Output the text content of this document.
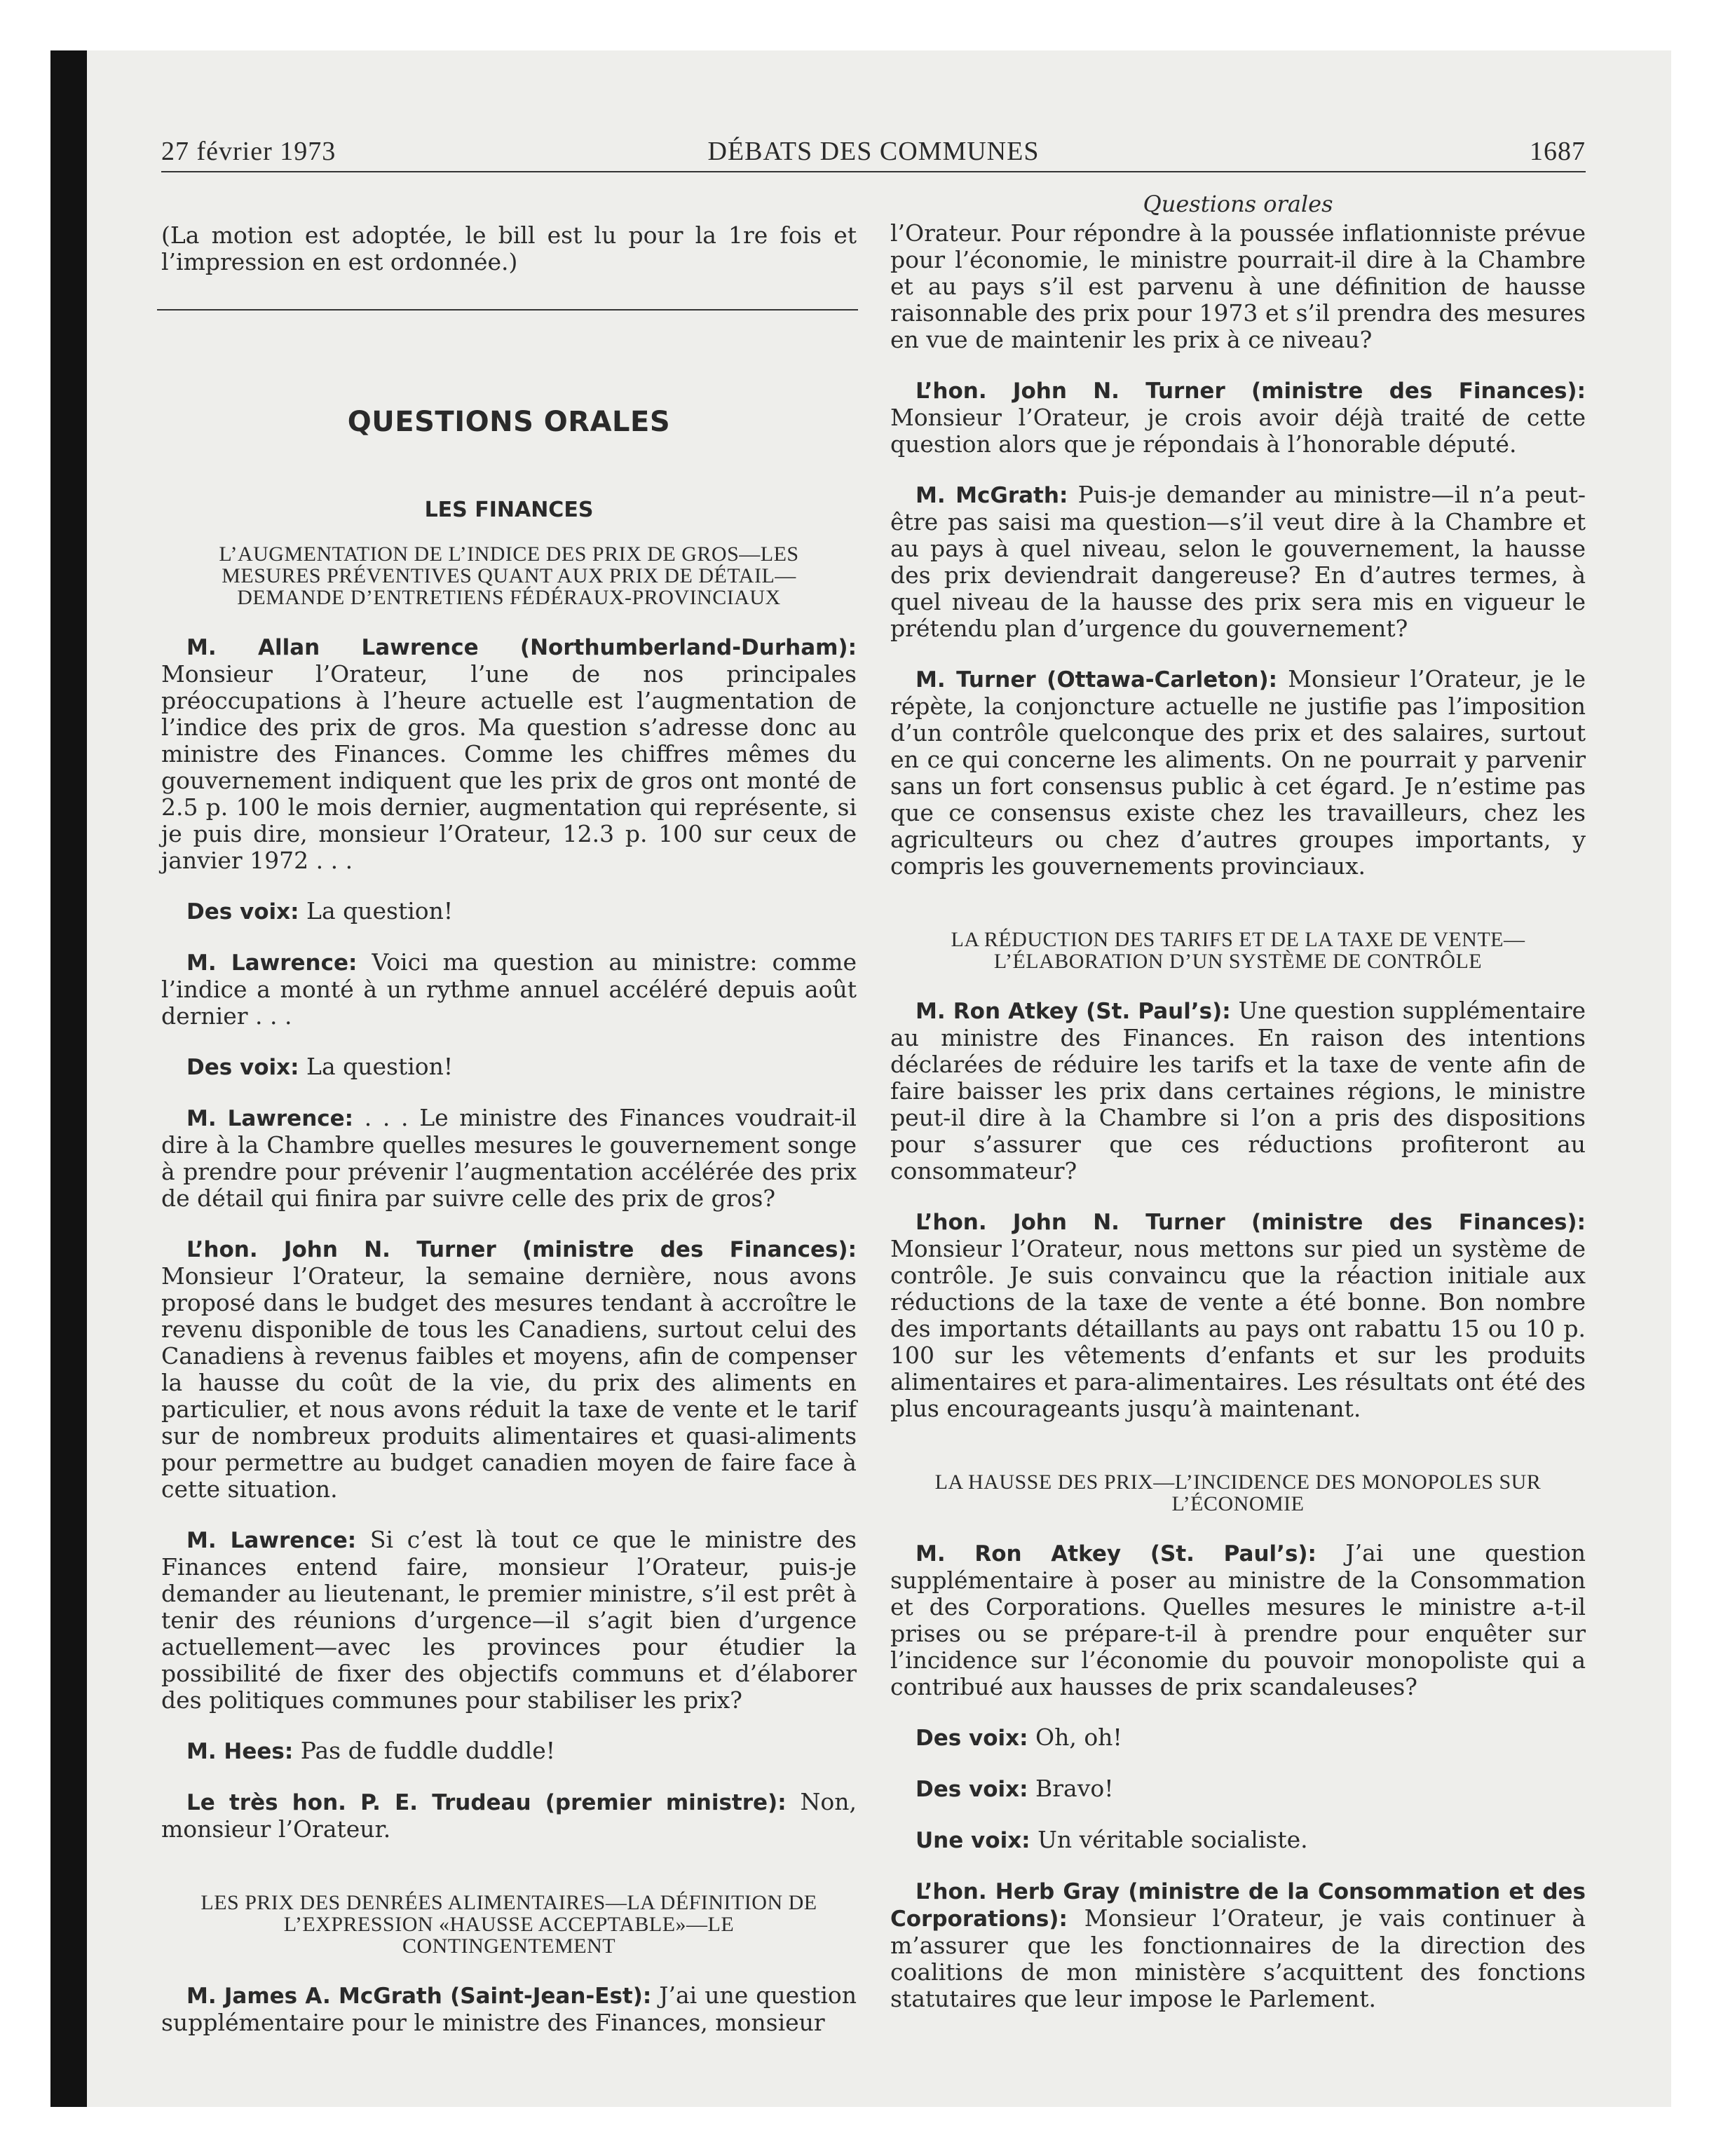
27 février 1973	DÉBATS DES COMMUNES	1687

(La motion est adoptée, le bill est lu pour la 1re fois et l’impression en est ordonnée.)

QUESTIONS ORALES
LES FINANCES
L’AUGMENTATION DE L’INDICE DES PRIX DE GROS—LES MESURES PRÉVENTIVES QUANT AUX PRIX DE DÉTAIL—DEMANDE D’ENTRETIENS FÉDÉRAUX-PROVINCIAUX

M. Allan Lawrence (Northumberland-Durham): Monsieur l’Orateur, l’une de nos principales préoccupations à l’heure actuelle est l’augmentation de l’indice des prix de gros. Ma question s’adresse donc au ministre des Finances. Comme les chiffres mêmes du gouvernement indiquent que les prix de gros ont monté de 2.5 p. 100 le mois dernier, augmentation qui représente, si je puis dire, monsieur l’Orateur, 12.3 p. 100 sur ceux de janvier 1972 . . .

Des voix: La question!

M. Lawrence: Voici ma question au ministre: comme l’indice a monté à un rythme annuel accéléré depuis août dernier . . .

Des voix: La question!

M. Lawrence: . . . Le ministre des Finances voudrait-il dire à la Chambre quelles mesures le gouvernement songe à prendre pour prévenir l’augmentation accélérée des prix de détail qui finira par suivre celle des prix de gros?

L’hon. John N. Turner (ministre des Finances): Monsieur l’Orateur, la semaine dernière, nous avons proposé dans le budget des mesures tendant à accroître le revenu disponible de tous les Canadiens, surtout celui des Canadiens à revenus faibles et moyens, afin de compenser la hausse du coût de la vie, du prix des aliments en particulier, et nous avons réduit la taxe de vente et le tarif sur de nombreux produits alimentaires et quasi-aliments pour permettre au budget canadien moyen de faire face à cette situation.

M. Lawrence: Si c’est là tout ce que le ministre des Finances entend faire, monsieur l’Orateur, puis-je demander au lieutenant, le premier ministre, s’il est prêt à tenir des réunions d’urgence—il s’agit bien d’urgence actuellement—avec les provinces pour étudier la possibilité de fixer des objectifs communs et d’élaborer des politiques communes pour stabiliser les prix?

M. Hees: Pas de fuddle duddle!

Le très hon. P. E. Trudeau (premier ministre): Non, monsieur l’Orateur.

LES PRIX DES DENRÉES ALIMENTAIRES—LA DÉFINITION DE L’EXPRESSION «HAUSSE ACCEPTABLE»—LE CONTINGENTEMENT

M. James A. McGrath (Saint-Jean-Est): J’ai une question supplémentaire pour le ministre des Finances, monsieur

Questions orales

l’Orateur. Pour répondre à la poussée inflationniste prévue pour l’économie, le ministre pourrait-il dire à la Chambre et au pays s’il est parvenu à une définition de hausse raisonnable des prix pour 1973 et s’il prendra des mesures en vue de maintenir les prix à ce niveau?

L’hon. John N. Turner (ministre des Finances): Monsieur l’Orateur, je crois avoir déjà traité de cette question alors que je répondais à l’honorable député.

M. McGrath: Puis-je demander au ministre—il n’a peut-être pas saisi ma question—s’il veut dire à la Chambre et au pays à quel niveau, selon le gouvernement, la hausse des prix deviendrait dangereuse? En d’autres termes, à quel niveau de la hausse des prix sera mis en vigueur le prétendu plan d’urgence du gouvernement?

M. Turner (Ottawa-Carleton): Monsieur l’Orateur, je le répète, la conjoncture actuelle ne justifie pas l’imposition d’un contrôle quelconque des prix et des salaires, surtout en ce qui concerne les aliments. On ne pourrait y parvenir sans un fort consensus public à cet égard. Je n’estime pas que ce consensus existe chez les travailleurs, chez les agriculteurs ou chez d’autres groupes importants, y compris les gouvernements provinciaux.

LA RÉDUCTION DES TARIFS ET DE LA TAXE DE VENTE—L’ÉLABORATION D’UN SYSTÈME DE CONTRÔLE

M. Ron Atkey (St. Paul’s): Une question supplémentaire au ministre des Finances. En raison des intentions déclarées de réduire les tarifs et la taxe de vente afin de faire baisser les prix dans certaines régions, le ministre peut-il dire à la Chambre si l’on a pris des dispositions pour s’assurer que ces réductions profiteront au consommateur?

L’hon. John N. Turner (ministre des Finances): Monsieur l’Orateur, nous mettons sur pied un système de contrôle. Je suis convaincu que la réaction initiale aux réductions de la taxe de vente a été bonne. Bon nombre des importants détaillants au pays ont rabattu 15 ou 10 p. 100 sur les vêtements d’enfants et sur les produits alimentaires et para-alimentaires. Les résultats ont été des plus encourageants jusqu’à maintenant.

LA HAUSSE DES PRIX—L’INCIDENCE DES MONOPOLES SUR L’ÉCONOMIE

M. Ron Atkey (St. Paul’s): J’ai une question supplémentaire à poser au ministre de la Consommation et des Corporations. Quelles mesures le ministre a-t-il prises ou se prépare-t-il à prendre pour enquêter sur l’incidence sur l’économie du pouvoir monopoliste qui a contribué aux hausses de prix scandaleuses?

Des voix: Oh, oh!

Des voix: Bravo!

Une voix: Un véritable socialiste.

L’hon. Herb Gray (ministre de la Consommation et des Corporations): Monsieur l’Orateur, je vais continuer à m’assurer que les fonctionnaires de la direction des coalitions de mon ministère s’acquittent des fonctions statutaires que leur impose le Parlement.
